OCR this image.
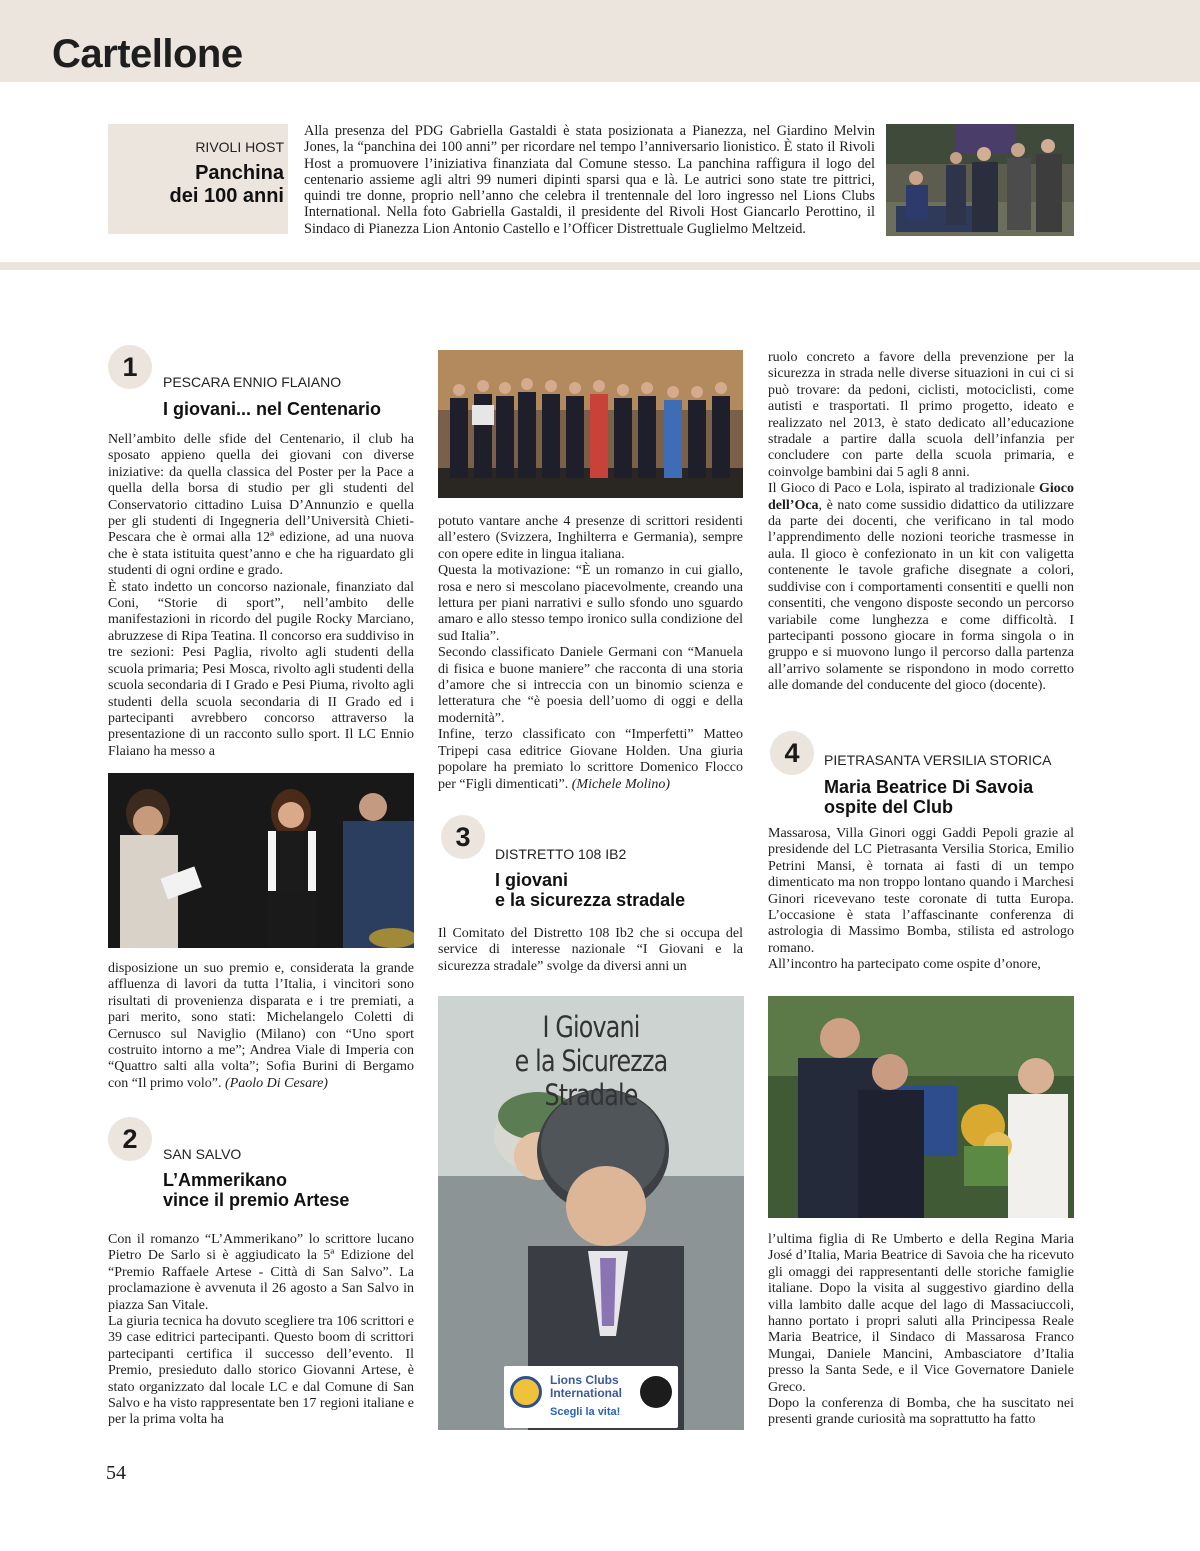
Cartellone
RIVOLI HOST
Panchina
dei 100 anni
Alla presenza del PDG Gabriella Gastaldi è stata posizionata a Pianezza, nel Giardino Melvin Jones, la “panchina dei 100 anni” per ricordare nel tempo l’anniversario lionistico. È stato il Rivoli Host a promuovere l’iniziativa finanziata dal Comune stesso. La panchina raffigura il logo del centenario assieme agli altri 99 numeri dipinti sparsi qua e là. Le autrici sono state tre pittrici, quindi tre donne, proprio nell’anno che celebra il trentennale del loro ingresso nel Lions Clubs International. Nella foto Gabriella Gastaldi, il presidente del Rivoli Host Giancarlo Perottino, il Sindaco di Pianezza Lion Antonio Castello e l’Officer Distrettuale Guglielmo Meltzeid.
1	PESCARA ENNIO FLAIANO
I giovani... nel Centenario

Nell’ambito delle sfide del Centenario, il club ha sposato appieno quella dei giovani con diverse iniziative: da quella classica del Poster per la Pace a quella della borsa di studio per gli studenti del Conservatorio cittadino Luisa D’Annunzio e quella per gli studenti di Ingegneria dell’Università Chieti-Pescara che è ormai alla 12ª edizione, ad una nuova che è stata istituita quest’anno e che ha riguardato gli studenti di ogni ordine e grado.

È stato indetto un concorso nazionale, finanziato dal Coni, “Storie di sport”, nell’ambito delle manifestazioni in ricordo del pugile Rocky Marciano, abruzzese di Ripa Teatina. Il concorso era suddiviso in tre sezioni: Pesi Paglia, rivolto agli studenti della scuola primaria; Pesi Mosca, rivolto agli studenti della scuola secondaria di I Grado e Pesi Piuma, rivolto agli studenti della scuola secondaria di II Grado ed i partecipanti avrebbero concorso attraverso la presentazione di un racconto sullo sport. Il LC Ennio Flaiano ha messo a

disposizione un suo premio e, considerata la grande affluenza di lavori da tutta l’Italia, i vincitori sono risultati di provenienza disparata e i tre premiati, a pari merito, sono stati: Michelangelo Coletti di Cernusco sul Naviglio (Milano) con “Uno sport costruito intorno a me”; Andrea Viale di Imperia con “Quattro salti alla volta”; Sofia Burini di Bergamo con “Il primo volo”. (Paolo Di Cesare)

2	SAN SALVO
L’Ammerikano
vince il premio Artese

Con il romanzo “L’Ammerikano” lo scrittore lucano Pietro De Sarlo si è aggiudicato la 5ª Edizione del “Premio Raffaele Artese - Città di San Salvo”. La proclamazione è avvenuta il 26 agosto a San Salvo in piazza San Vitale.

La giuria tecnica ha dovuto scegliere tra 106 scrittori e 39 case editrici partecipanti. Questo boom di scrittori partecipanti certifica il successo dell’evento. Il Premio, presieduto dallo storico Giovanni Artese, è stato organizzato dal locale LC e dal Comune di San Salvo e ha visto rappresentate ben 17 regioni italiane e per la prima volta ha

potuto vantare anche 4 presenze di scrittori residenti all’estero (Svizzera, Inghilterra e Germania), sempre con opere edite in lingua italiana.

Questa la motivazione: “È un romanzo in cui giallo, rosa e nero si mescolano piacevolmente, creando una lettura per piani narrativi e sullo sfondo uno sguardo amaro e allo stesso tempo ironico sulla condizione del sud Italia”.

Secondo classificato Daniele Germani con “Manuela di fisica e buone maniere” che racconta di una storia d’amore che si intreccia con un binomio scienza e letteratura che “è poesia dell’uomo di oggi e della modernità”.

Infine, terzo classificato con “Imperfetti” Matteo Tripepi casa editrice Giovane Holden. Una giuria popolare ha premiato lo scrittore Domenico Flocco per “Figli dimenticati”. (Michele Molino)

3
DISTRETTO 108 IB2
I giovani
e la sicurezza stradale

Il Comitato del Distretto 108 Ib2 che si occupa del service di interesse nazionale “I Giovani e la sicurezza stradale” svolge da diversi anni un

I Giovani
e la Sicurezza Stradale
Lions Clubs
International
Scegli la vita!

ruolo concreto a favore della prevenzione per la sicurezza in strada nelle diverse situazioni in cui ci si può trovare: da pedoni, ciclisti, motociclisti, come autisti e trasportati. Il primo progetto, ideato e realizzato nel 2013, è stato dedicato all’educazione stradale a partire dalla scuola dell’infanzia per concludere con parte della scuola primaria, e coinvolge bambini dai 5 agli 8 anni.

Il Gioco di Paco e Lola, ispirato al tradizionale Gioco dell’Oca, è nato come sussidio didattico da utilizzare da parte dei docenti, che verificano in tal modo l’apprendimento delle nozioni teoriche trasmesse in aula. Il gioco è confezionato in un kit con valigetta contenente le tavole grafiche disegnate a colori, suddivise con i comportamenti consentiti e quelli non consentiti, che vengono disposte secondo un percorso variabile come lunghezza e come difficoltà. I partecipanti possono giocare in forma singola o in gruppo e si muovono lungo il percorso dalla partenza all’arrivo solamente se rispondono in modo corretto alle domande del conducente del gioco (docente).

4	PIETRASANTA VERSILIA STORICA
Maria Beatrice Di Savoia
ospite del Club

Massarosa, Villa Ginori oggi Gaddi Pepoli grazie al presidende del LC Pietrasanta Versilia Storica, Emilio Petrini Mansi, è tornata ai fasti di un tempo dimenticato ma non troppo lontano quando i Marchesi Ginori ricevevano teste coronate di tutta Europa. L’occasione è stata l’affascinante conferenza di astrologia di Massimo Bomba, stilista ed astrologo romano.

All’incontro ha partecipato come ospite d’onore,

l’ultima figlia di Re Umberto e della Regina Maria José d’Italia, Maria Beatrice di Savoia che ha ricevuto gli omaggi dei rappresentanti delle storiche famiglie italiane. Dopo la visita al suggestivo giardino della villa lambito dalle acque del lago di Massaciuccoli, hanno portato i propri saluti alla Principessa Reale Maria Beatrice, il Sindaco di Massarosa Franco Mungai, Daniele Mancini, Ambasciatore d’Italia presso la Santa Sede, e il Vice Governatore Daniele Greco.

Dopo la conferenza di Bomba, che ha suscitato nei presenti grande curiosità ma soprattutto ha fatto

54
